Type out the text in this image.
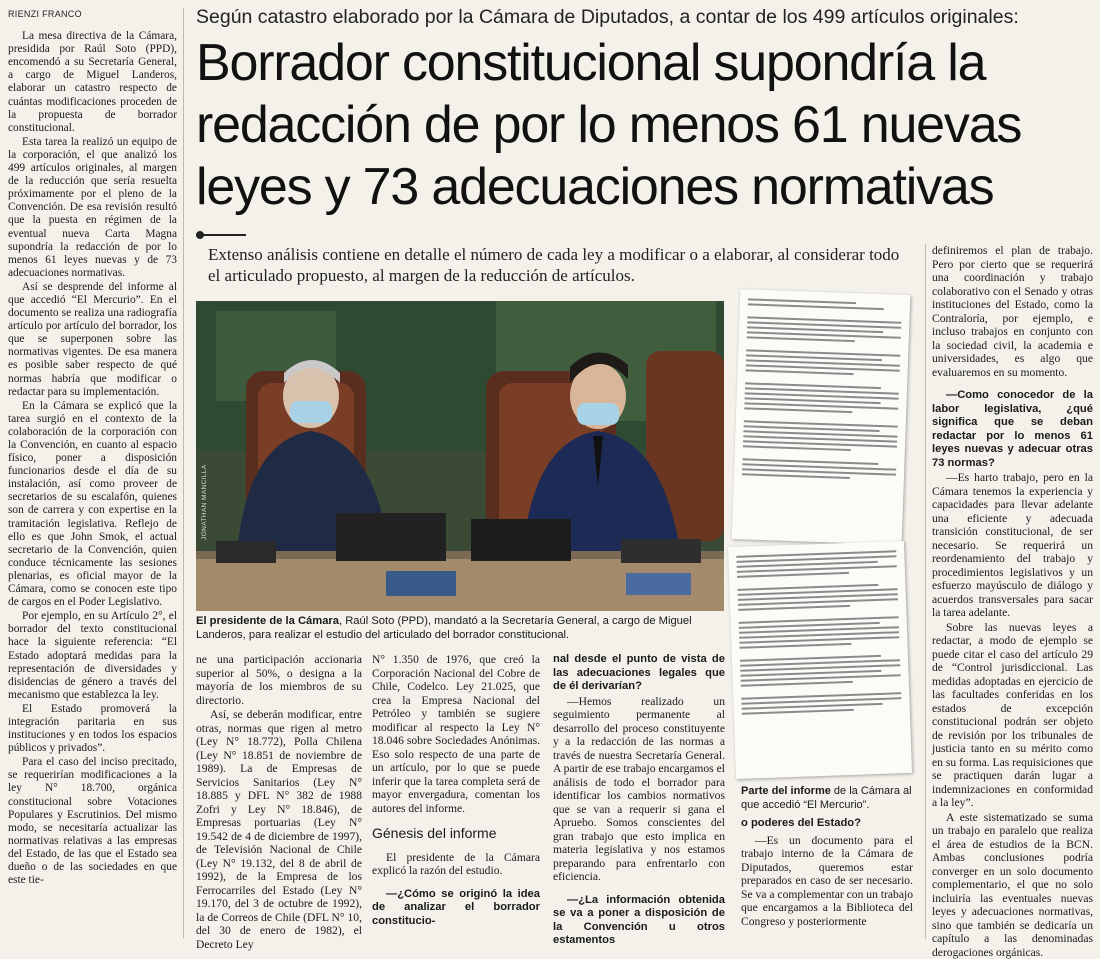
RIENZI FRANCO

La mesa directiva de la Cámara, presidida por Raúl Soto (PPD), encomendó a su Secretaría General, a cargo de Miguel Landeros, elaborar un catastro respecto de cuántas modificaciones proceden de la propuesta de borrador constitucional.

Esta tarea la realizó un equipo de la corporación, el que analizó los 499 artículos originales, al margen de la reducción que sería resuelta próximamente por el pleno de la Convención. De esa revisión resultó que la puesta en régimen de la eventual nueva Carta Magna supondría la redacción de por lo menos 61 leyes nuevas y de 73 adecuaciones normativas.

Así se desprende del informe al que accedió “El Mercurio”. En el documento se realiza una radiografía artículo por artículo del borrador, los que se superponen sobre las normativas vigentes. De esa manera es posible saber respecto de qué normas habría que modificar o redactar para su implementación.

En la Cámara se explicó que la tarea surgió en el contexto de la colaboración de la corporación con la Convención, en cuanto al espacio físico, poner a disposición funcionarios desde el día de su instalación, así como proveer de secretarios de su escalafón, quienes son de carrera y con expertise en la tramitación legislativa. Reflejo de ello es que John Smok, el actual secretario de la Convención, quien conduce técnicamente las sesiones plenarias, es oficial mayor de la Cámara, como se conocen este tipo de cargos en el Poder Legislativo.

Por ejemplo, en su Artículo 2°, el borrador del texto constitucional hace la siguiente referencia: “El Estado adoptará medidas para la representación de diversidades y disidencias de género a través del mecanismo que establezca la ley.

El Estado promoverá la integración paritaria en sus instituciones y en todos los espacios públicos y privados”.

Para el caso del inciso precitado, se requerirían modificaciones a la ley N° 18.700, orgánica constitucional sobre Votaciones Populares y Escrutinios. Del mismo modo, se necesitaría actualizar las normativas relativas a las empresas del Estado, de las que el Estado sea dueño o de las sociedades en que este tie-

Según catastro elaborado por la Cámara de Diputados, a contar de los 499 artículos originales:
Borrador constitucional supondría la redacción de por lo menos 61 nuevas leyes y 73 adecuaciones normativas
Extenso análisis contiene en detalle el número de cada ley a modificar o a elaborar, al considerar todo el articulado propuesto, al margen de la reducción de artículos.
JONATHAN MANCILLA
El presidente de la Cámara, Raúl Soto (PPD), mandató a la Secretaría General, a cargo de Miguel Landeros, para realizar el estudio del articulado del borrador constitucional.
Parte del informe de la Cámara al que accedió “El Mercurio”.

ne una participación accionaria superior al 50%, o designa a la mayoría de los miembros de su directorio.

Así, se deberán modificar, entre otras, normas que rigen al metro (Ley N° 18.772), Polla Chilena (Ley N° 18.851 de noviembre de 1989). La de Empresas de Servicios Sanitarios (Ley N° 18.885 y DFL N° 382 de 1988 Zofri y Ley N° 18.846), de Empresas portuarias (Ley N° 19.542 de 4 de diciembre de 1997), de Televisión Nacional de Chile (Ley N° 19.132, del 8 de abril de 1992), de la Empresa de los Ferrocarriles del Estado (Ley N° 19.170, del 3 de octubre de 1992), la de Correos de Chile (DFL N° 10, del 30 de enero de 1982), el Decreto Ley

N° 1.350 de 1976, que creó la Corporación Nacional del Cobre de Chile, Codelco. Ley 21.025, que crea la Empresa Nacional del Petróleo y también se sugiere modificar al respecto la Ley N° 18.046 sobre Sociedades Anónimas. Eso solo respecto de una parte de un artículo, por lo que se puede inferir que la tarea completa será de mayor envergadura, comentan los autores del informe.

Génesis del informe

El presidente de la Cámara explicó la razón del estudio.

—¿Cómo se originó la idea de analizar el borrador constitucio-

nal desde el punto de vista de las adecuaciones legales que de él derivarían?

—Hemos realizado un seguimiento permanente al desarrollo del proceso constituyente y a la redacción de las normas a través de nuestra Secretaría General. A partir de ese trabajo encargamos el análisis de todo el borrador para identificar los cambios normativos que se van a requerir si gana el Apruebo. Somos conscientes del gran trabajo que esto implica en materia legislativa y nos estamos preparando para enfrentarlo con eficiencia.

—¿La información obtenida se va a poner a disposición de la Convención u otros estamentos

o poderes del Estado?

—Es un documento para el trabajo interno de la Cámara de Diputados, queremos estar preparados en caso de ser necesario. Se va a complementar con un trabajo que encargamos a la Biblioteca del Congreso y posteriormente

definiremos el plan de trabajo. Pero por cierto que se requerirá una coordinación y trabajo colaborativo con el Senado y otras instituciones del Estado, como la Contraloría, por ejemplo, e incluso trabajos en conjunto con la sociedad civil, la academia e universidades, es algo que evaluaremos en su momento.

—Como conocedor de la labor legislativa, ¿qué significa que se deban redactar por lo menos 61 leyes nuevas y adecuar otras 73 normas?

—Es harto trabajo, pero en la Cámara tenemos la experiencia y capacidades para llevar adelante una eficiente y adecuada transición constitucional, de ser necesario. Se requerirá un reordenamiento del trabajo y procedimientos legislativos y un esfuerzo mayúsculo de diálogo y acuerdos transversales para sacar la tarea adelante.

Sobre las nuevas leyes a redactar, a modo de ejemplo se puede citar el caso del artículo 29 de “Control jurisdiccional. Las medidas adoptadas en ejercicio de las facultades conferidas en los estados de excepción constitucional podrán ser objeto de revisión por los tribunales de justicia tanto en su mérito como en su forma. Las requisiciones que se practiquen darán lugar a indemnizaciones en conformidad a la ley”.

A este sistematizado se suma un trabajo en paralelo que realiza el área de estudios de la BCN. Ambas conclusiones podría converger en un solo documento complementario, el que no solo incluiría las eventuales nuevas leyes y adecuaciones normativas, sino que también se dedicaría un capítulo a las denominadas derogaciones orgánicas.
